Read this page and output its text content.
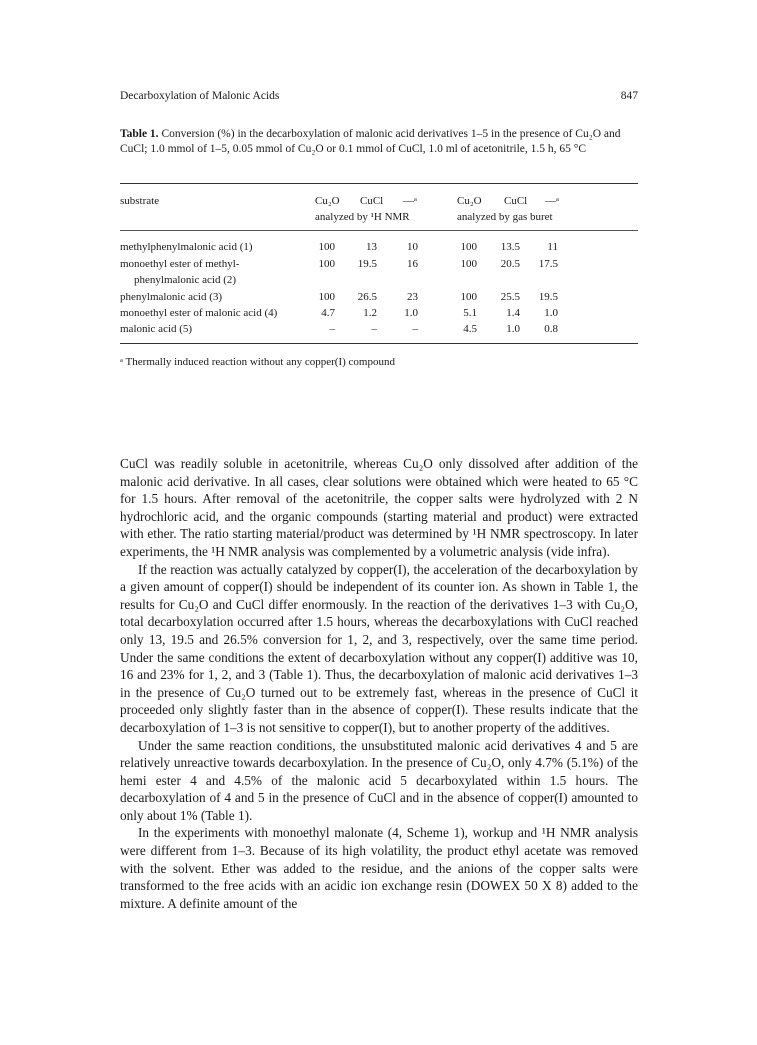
Decarboxylation of Malonic Acids	847
Table 1. Conversion (%) in the decarboxylation of malonic acid derivatives 1–5 in the presence of Cu₂O and CuCl; 1.0 mmol of 1–5, 0.05 mmol of Cu₂O or 0.1 mmol of CuCl, 1.0 ml of acetonitrile, 1.5 h, 65 °C
substrate	Cu₂O CuCl —ᵃ
analyzed by ¹H NMR
Cu₂O CuCl —ᵃ
analyzed by gas buret
methylphenylmalonic acid (1)	100	13	10	100	13.5	11
monoethyl ester of methyl-
phenylmalonic acid (2)
100	19.5	16	100	20.5	17.5
phenylmalonic acid (3)	100	26.5	23	100	25.5	19.5
monoethyl ester of malonic acid (4)	4.7	1.2	1.0	5.1	1.4	1.0
malonic acid (5)	–	–	–	4.5	1.0	0.8
ᵃ Thermally induced reaction without any copper(I) compound

CuCl was readily soluble in acetonitrile, whereas Cu₂O only dissolved after addition of the malonic acid derivative. In all cases, clear solutions were obtained which were heated to 65 °C for 1.5 hours. After removal of the acetonitrile, the copper salts were hydrolyzed with 2 N hydrochloric acid, and the organic compounds (starting material and product) were extracted with ether. The ratio starting material/product was determined by ¹H NMR spectroscopy. In later experiments, the ¹H NMR analysis was complemented by a volumetric analysis (vide infra).

If the reaction was actually catalyzed by copper(I), the acceleration of the decarboxylation by a given amount of copper(I) should be independent of its counter ion. As shown in Table 1, the results for Cu₂O and CuCl differ enormously. In the reaction of the derivatives 1–3 with Cu₂O, total decarboxylation occurred after 1.5 hours, whereas the decarboxylations with CuCl reached only 13, 19.5 and 26.5% conversion for 1, 2, and 3, respectively, over the same time period. Under the same conditions the extent of decarboxylation without any copper(I) additive was 10, 16 and 23% for 1, 2, and 3 (Table 1). Thus, the decarboxylation of malonic acid derivatives 1–3 in the presence of Cu₂O turned out to be extremely fast, whereas in the presence of CuCl it proceeded only slightly faster than in the absence of copper(I). These results indicate that the decarboxylation of 1–3 is not sensitive to copper(I), but to another property of the additives.

Under the same reaction conditions, the unsubstituted malonic acid derivatives 4 and 5 are relatively unreactive towards decarboxylation. In the presence of Cu₂O, only 4.7% (5.1%) of the hemi ester 4 and 4.5% of the malonic acid 5 decarboxylated within 1.5 hours. The decarboxylation of 4 and 5 in the presence of CuCl and in the absence of copper(I) amounted to only about 1% (Table 1).

In the experiments with monoethyl malonate (4, Scheme 1), workup and ¹H NMR analysis were different from 1–3. Because of its high volatility, the product ethyl acetate was removed with the solvent. Ether was added to the residue, and the anions of the copper salts were transformed to the free acids with an acidic ion exchange resin (DOWEX 50 X 8) added to the mixture. A definite amount of the
